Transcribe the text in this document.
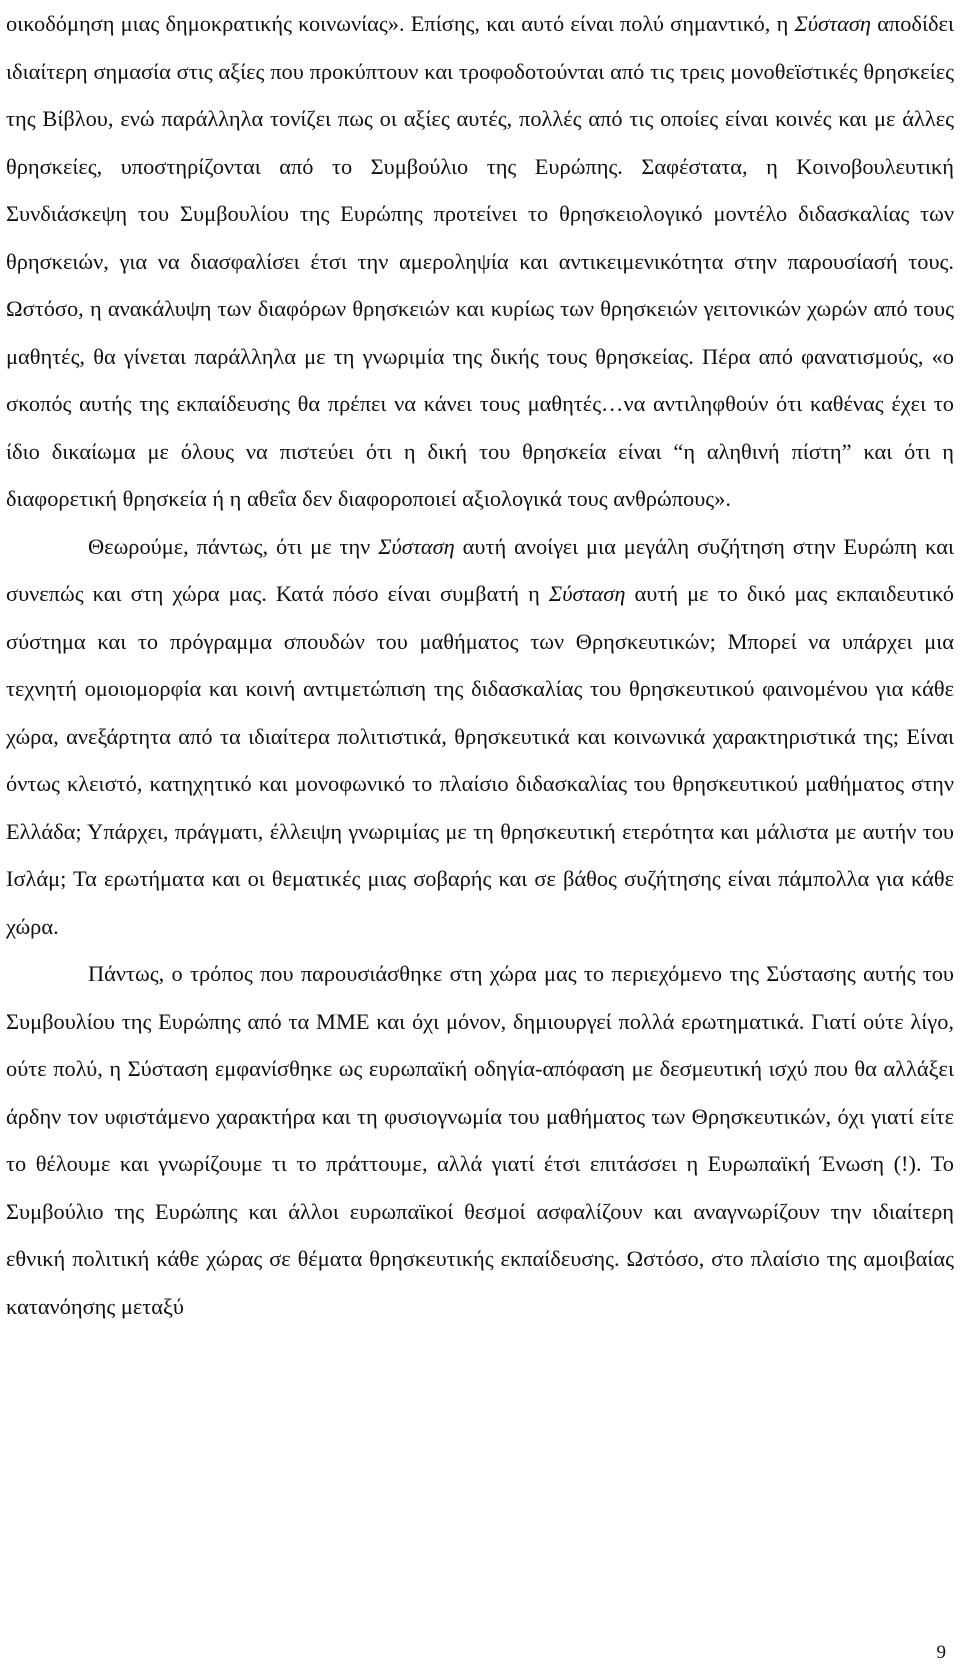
οικοδόμηση μιας δημοκρατικής κοινωνίας». Επίσης, και αυτό είναι πολύ σημαντικό, η Σύσταση αποδίδει ιδιαίτερη σημασία στις αξίες που προκύπτουν και τροφοδοτούνται από τις τρεις μονοθεϊστικές θρησκείες της Βίβλου, ενώ παράλληλα τονίζει πως οι αξίες αυτές, πολλές από τις οποίες είναι κοινές και με άλλες θρησκείες, υποστηρίζονται από το Συμβούλιο της Ευρώπης. Σαφέστατα, η Κοινοβουλευτική Συνδιάσκεψη του Συμβουλίου της Ευρώπης προτείνει το θρησκειολογικό μοντέλο διδασκαλίας των θρησκειών, για να διασφαλίσει έτσι την αμεροληψία και αντικειμενικότητα στην παρουσίασή τους. Ωστόσο, η ανακάλυψη των διαφόρων θρησκειών και κυρίως των θρησκειών γειτονικών χωρών από τους μαθητές, θα γίνεται παράλληλα με τη γνωριμία της δικής τους θρησκείας. Πέρα από φανατισμούς, «ο σκοπός αυτής της εκπαίδευσης θα πρέπει να κάνει τους μαθητές…να αντιληφθούν ότι καθένας έχει το ίδιο δικαίωμα με όλους να πιστεύει ότι η δική του θρησκεία είναι “η αληθινή πίστη” και ότι η διαφορετική θρησκεία ή η αθεΐα δεν διαφοροποιεί αξιολογικά τους ανθρώπους».

Θεωρούμε, πάντως, ότι με την Σύσταση αυτή ανοίγει μια μεγάλη συζήτηση στην Ευρώπη και συνεπώς και στη χώρα μας. Κατά πόσο είναι συμβατή η Σύσταση αυτή με το δικό μας εκπαιδευτικό σύστημα και το πρόγραμμα σπουδών του μαθήματος των Θρησκευτικών; Μπορεί να υπάρχει μια τεχνητή ομοιομορφία και κοινή αντιμετώπιση της διδασκαλίας του θρησκευτικού φαινομένου για κάθε χώρα, ανεξάρτητα από τα ιδιαίτερα πολιτιστικά, θρησκευτικά και κοινωνικά χαρακτηριστικά της; Είναι όντως κλειστό, κατηχητικό και μονοφωνικό το πλαίσιο διδασκαλίας του θρησκευτικού μαθήματος στην Ελλάδα; Υπάρχει, πράγματι, έλλειψη γνωριμίας με τη θρησκευτική ετερότητα και μάλιστα με αυτήν του Ισλάμ; Τα ερωτήματα και οι θεματικές μιας σοβαρής και σε βάθος συζήτησης είναι πάμπολλα για κάθε χώρα.

Πάντως, ο τρόπος που παρουσιάσθηκε στη χώρα μας το περιεχόμενο της Σύστασης αυτής του Συμβουλίου της Ευρώπης από τα ΜΜΕ και όχι μόνον, δημιουργεί πολλά ερωτηματικά. Γιατί ούτε λίγο, ούτε πολύ, η Σύσταση εμφανίσθηκε ως ευρωπαϊκή οδηγία-απόφαση με δεσμευτική ισχύ που θα αλλάξει άρδην τον υφιστάμενο χαρακτήρα και τη φυσιογνωμία του μαθήματος των Θρησκευτικών, όχι γιατί είτε το θέλουμε και γνωρίζουμε τι το πράττουμε, αλλά γιατί έτσι επιτάσσει η Ευρωπαϊκή Ένωση (!). Το Συμβούλιο της Ευρώπης και άλλοι ευρωπαϊκοί θεσμοί ασφαλίζουν και αναγνωρίζουν την ιδιαίτερη εθνική πολιτική κάθε χώρας σε θέματα θρησκευτικής εκπαίδευσης. Ωστόσο, στο πλαίσιο της αμοιβαίας κατανόησης μεταξύ

9
